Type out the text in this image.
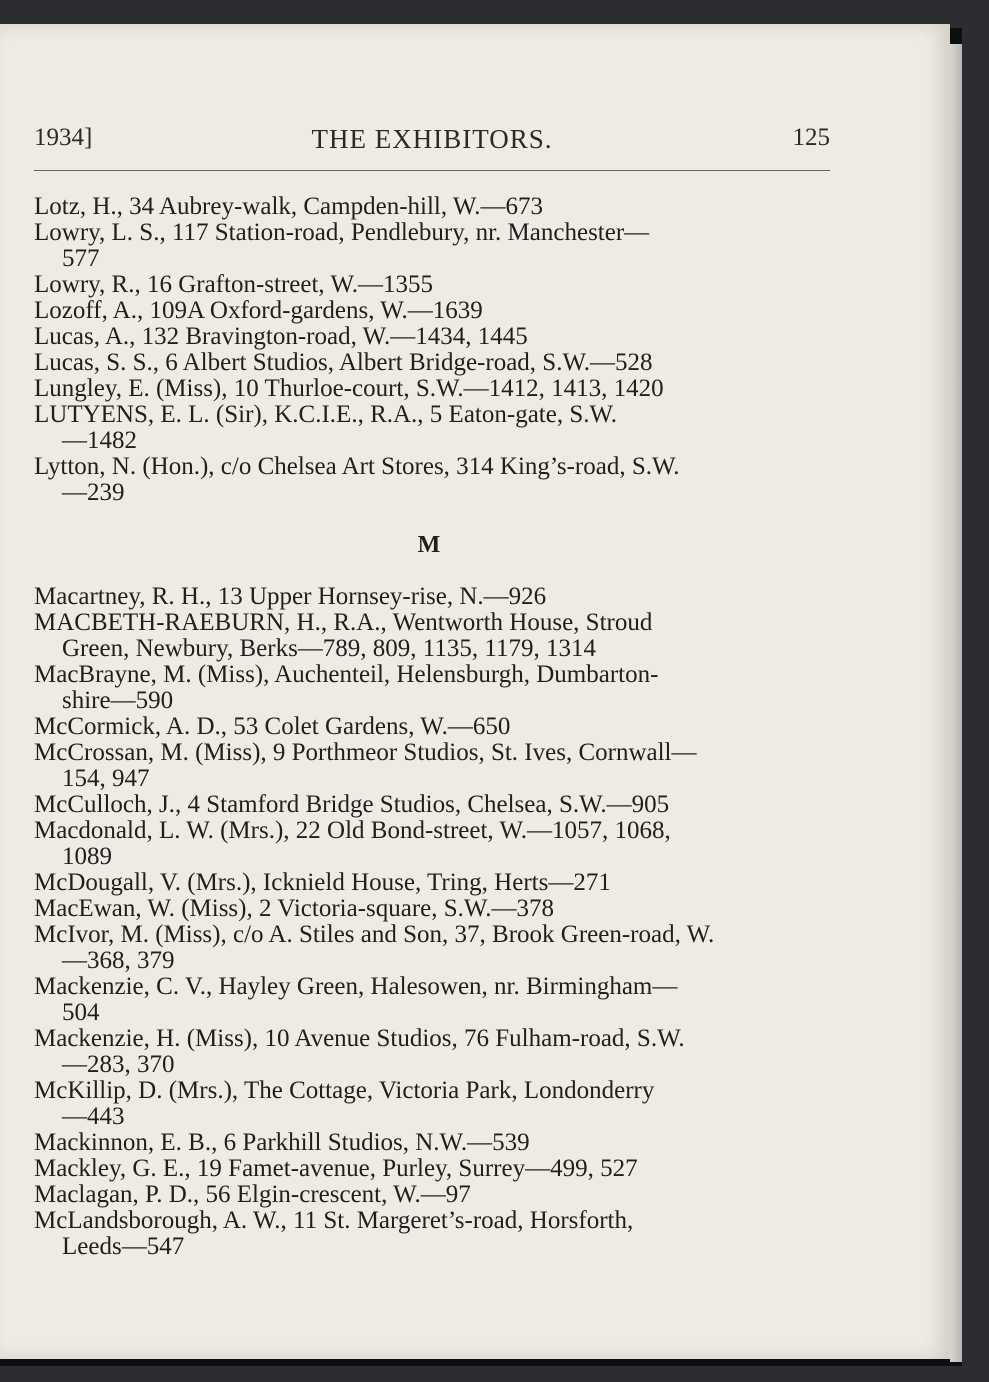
1934]	THE EXHIBITORS.	125
Lotz, H., 34 Aubrey-walk, Campden-hill, W.—673
Lowry, L. S., 117 Station-road, Pendlebury, nr. Manchester—
577
Lowry, R., 16 Grafton-street, W.—1355
Lozoff, A., 109A Oxford-gardens, W.—1639
Lucas, A., 132 Bravington-road, W.—1434, 1445
Lucas, S. S., 6 Albert Studios, Albert Bridge-road, S.W.—528
Lungley, E. (Miss), 10 Thurloe-court, S.W.—1412, 1413, 1420
LUTYENS, E. L. (Sir), K.C.I.E., R.A., 5 Eaton-gate, S.W.
—1482
Lytton, N. (Hon.), c/o Chelsea Art Stores, 314 King’s-road, S.W.
—239
M
Macartney, R. H., 13 Upper Hornsey-rise, N.—926
MACBETH-RAEBURN, H., R.A., Wentworth House, Stroud
Green, Newbury, Berks—789, 809, 1135, 1179, 1314
MacBrayne, M. (Miss), Auchenteil, Helensburgh, Dumbarton-
shire—590
McCormick, A. D., 53 Colet Gardens, W.—650
McCrossan, M. (Miss), 9 Porthmeor Studios, St. Ives, Cornwall—
154, 947
McCulloch, J., 4 Stamford Bridge Studios, Chelsea, S.W.—905
Macdonald, L. W. (Mrs.), 22 Old Bond-street, W.—1057, 1068,
1089
McDougall, V. (Mrs.), Icknield House, Tring, Herts—271
MacEwan, W. (Miss), 2 Victoria-square, S.W.—378
McIvor, M. (Miss), c/o A. Stiles and Son, 37, Brook Green-road, W.
—368, 379
Mackenzie, C. V., Hayley Green, Halesowen, nr. Birmingham—
504
Mackenzie, H. (Miss), 10 Avenue Studios, 76 Fulham-road, S.W.
—283, 370
McKillip, D. (Mrs.), The Cottage, Victoria Park, Londonderry
—443
Mackinnon, E. B., 6 Parkhill Studios, N.W.—539
Mackley, G. E., 19 Famet-avenue, Purley, Surrey—499, 527
Maclagan, P. D., 56 Elgin-crescent, W.—97
McLandsborough, A. W., 11 St. Margeret’s-road, Horsforth,
Leeds—547
